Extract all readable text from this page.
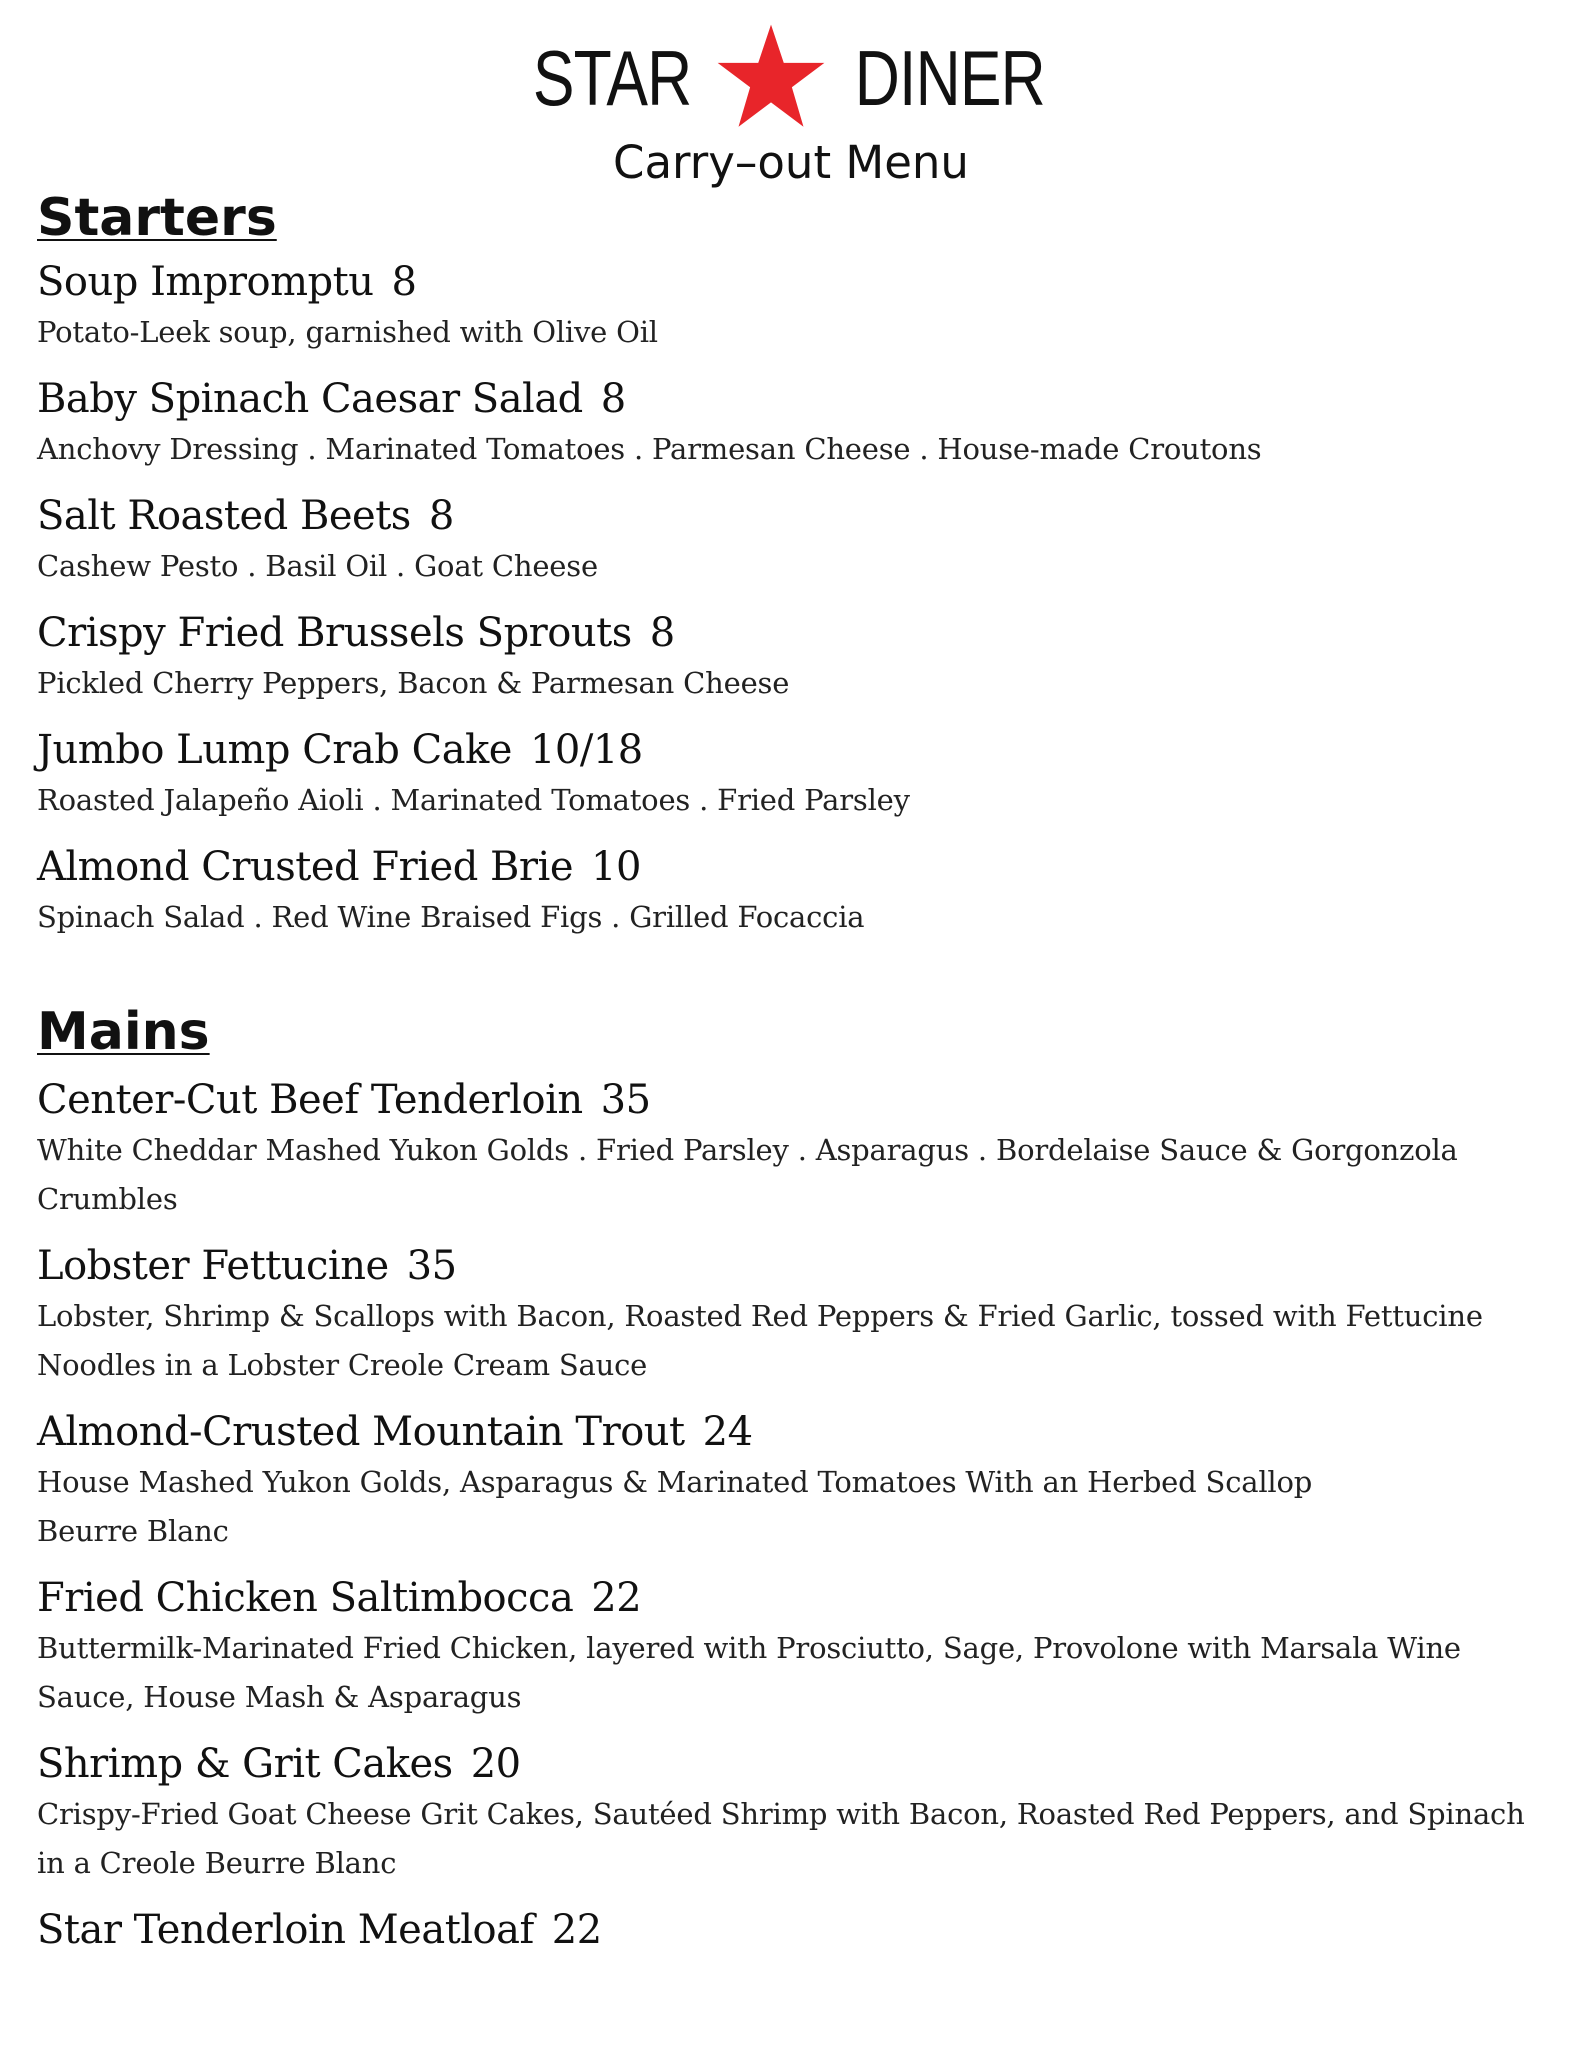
STAR DINER
Carry–out Menu
Starters
Soup Impromptu 8
Potato-Leek soup, garnished with Olive Oil
Baby Spinach Caesar Salad 8
Anchovy Dressing . Marinated Tomatoes . Parmesan Cheese . House-made Croutons
Salt Roasted Beets 8
Cashew Pesto . Basil Oil . Goat Cheese
Crispy Fried Brussels Sprouts 8
Pickled Cherry Peppers, Bacon & Parmesan Cheese
Jumbo Lump Crab Cake 10/18
Roasted Jalapeño Aioli . Marinated Tomatoes . Fried Parsley
Almond Crusted Fried Brie 10
Spinach Salad . Red Wine Braised Figs . Grilled Focaccia
Mains
Center-Cut Beef Tenderloin 35
White Cheddar Mashed Yukon Golds . Fried Parsley . Asparagus . Bordelaise Sauce & Gorgonzola Crumbles
Lobster Fettucine 35
Lobster, Shrimp & Scallops with Bacon, Roasted Red Peppers & Fried Garlic, tossed with Fettucine Noodles in a Lobster Creole Cream Sauce
Almond-Crusted Mountain Trout 24
House Mashed Yukon Golds, Asparagus & Marinated Tomatoes With an Herbed Scallop Beurre Blanc
Fried Chicken Saltimbocca 22
Buttermilk-Marinated Fried Chicken, layered with Prosciutto, Sage, Provolone with Marsala Wine Sauce, House Mash & Asparagus
Shrimp & Grit Cakes 20
Crispy-Fried Goat Cheese Grit Cakes, Sautéed Shrimp with Bacon, Roasted Red Peppers, and Spinach in a Creole Beurre Blanc
Star Tenderloin Meatloaf 22
